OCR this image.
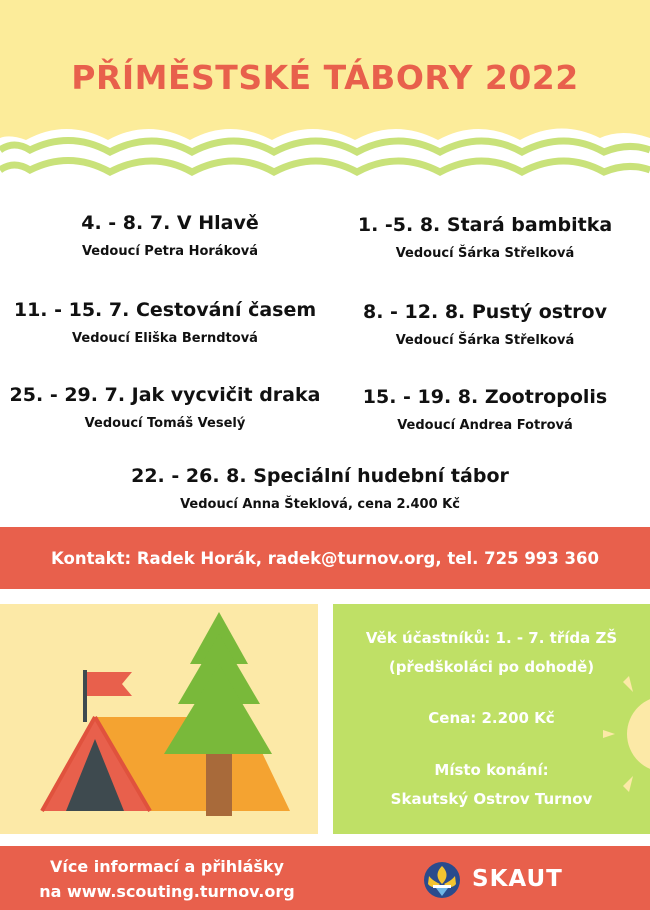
PŘÍMĚSTSKÉ TÁBORY 2022
4. - 8. 7. V Hlavě
Vedoucí Petra Horáková
1. -5. 8. Stará bambitka
Vedoucí Šárka Střelková
11. - 15. 7. Cestování časem
Vedoucí Eliška Berndtová
8. - 12. 8. Pustý ostrov
Vedoucí Šárka Střelková
25. - 29. 7. Jak vycvičit draka
Vedoucí Tomáš Veselý
15. - 19. 8. Zootropolis
Vedoucí Andrea Fotrová
22. - 26. 8. Speciální hudební tábor
Vedoucí Anna Šteklová, cena 2.400 Kč
Kontakt: Radek Horák, radek@turnov.org, tel. 725 993 360
Věk účastníků: 1. - 7. třída ZŠ
(předškoláci po dohodě)
Cena: 2.200 Kč
Místo konání:
Skautský Ostrov Turnov
Více informací a přihlášky
na www.scouting.turnov.org	SKAUT
